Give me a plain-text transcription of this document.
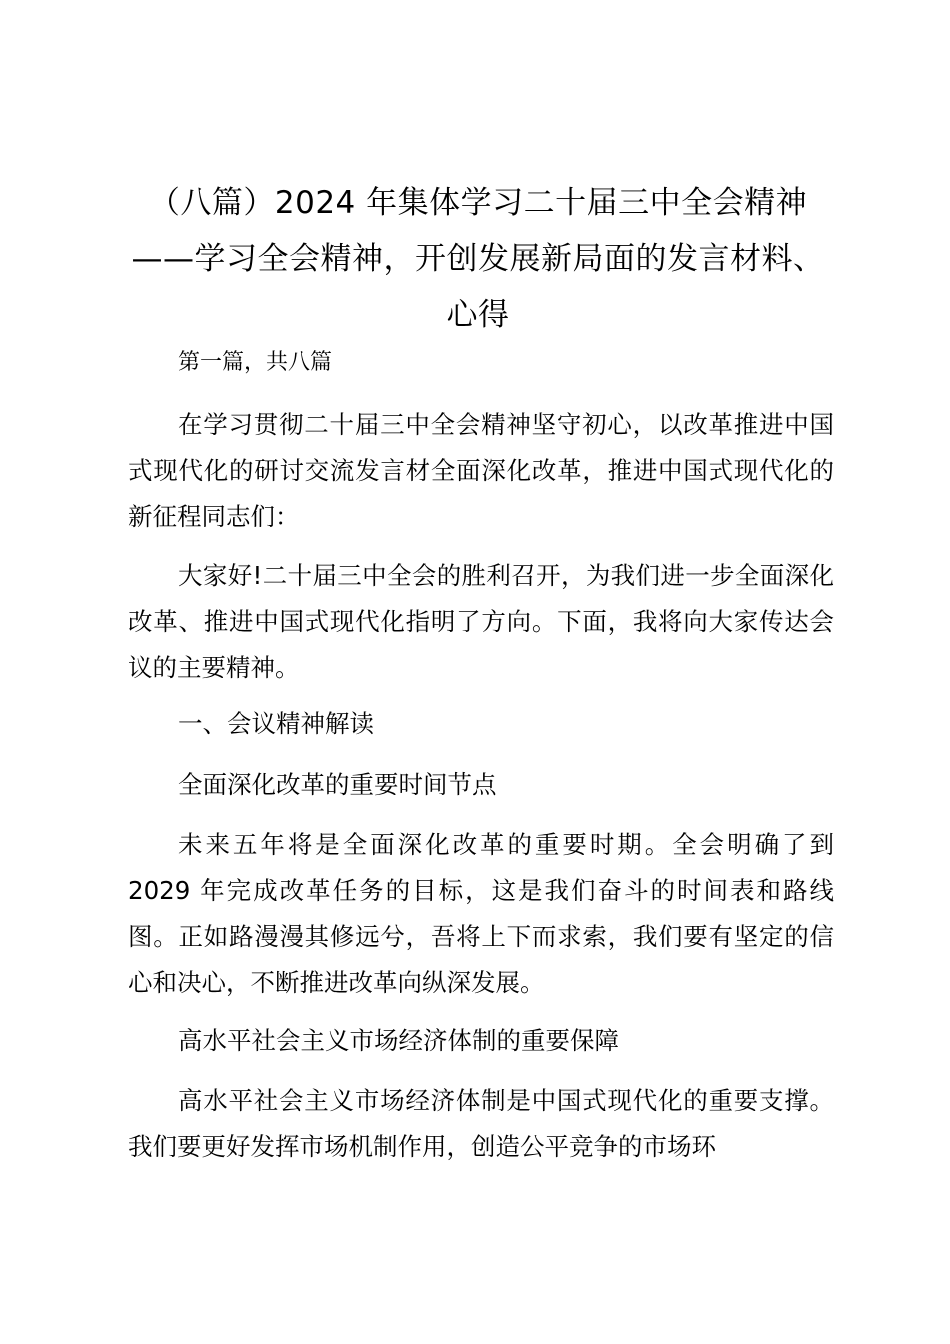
（八篇）2024 年集体学习二十届三中全会精神——学习全会精神，开创发展新局面的发言材料、心得

第一篇，共八篇

在学习贯彻二十届三中全会精神坚守初心，以改革推进中国式现代化的研讨交流发言材全面深化改革，推进中国式现代化的新征程同志们：

大家好!二十届三中全会的胜利召开，为我们进一步全面深化改革、推进中国式现代化指明了方向。下面，我将向大家传达会议的主要精神。

一、会议精神解读

全面深化改革的重要时间节点

未来五年将是全面深化改革的重要时期。全会明确了到 2029 年完成改革任务的目标，这是我们奋斗的时间表和路线图。正如路漫漫其修远兮，吾将上下而求索，我们要有坚定的信心和决心，不断推进改革向纵深发展。

高水平社会主义市场经济体制的重要保障

高水平社会主义市场经济体制是中国式现代化的重要支撑。我们要更好发挥市场机制作用，创造公平竞争的市场环
